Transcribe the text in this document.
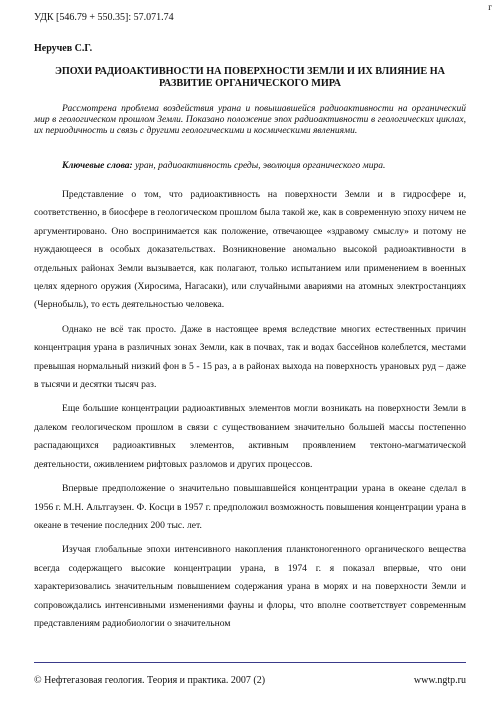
УДК [546.79 + 550.35]: 57.071.74
г
Неручев С.Г.
ЭПОХИ РАДИОАКТИВНОСТИ НА ПОВЕРХНОСТИ ЗЕМЛИ И ИХ ВЛИЯНИЕ НА РАЗВИТИЕ ОРГАНИЧЕСКОГО МИРА
Рассмотрена проблема воздействия урана и повышавшейся радиоактивности на органический мир в геологическом прошлом Земли. Показано положение эпох радиоактивности в геологических циклах, их периодичность и связь с другими геологическими и космическими явлениями.
Ключевые слова: уран, радиоактивность среды, эволюция органического мира.

Представление о том, что радиоактивность на поверхности Земли и в гидросфере и, соответственно, в биосфере в геологическом прошлом была такой же, как в современную эпоху ничем не аргументировано. Оно воспринимается как положение, отвечающее «здравому смыслу» и потому не нуждающееся в особых доказательствах. Возникновение аномально высокой радиоактивности в отдельных районах Земли вызывается, как полагают, только испытанием или применением в военных целях ядерного оружия (Хиросима, Нагасаки), или случайными авариями на атомных электростанциях (Чернобыль), то есть деятельностью человека.

Однако не всё так просто. Даже в настоящее время вследствие многих естественных причин концентрация урана в различных зонах Земли, как в почвах, так и водах бассейнов колеблется, местами превышая нормальный низкий фон в 5 - 15 раз, а в районах выхода на поверхность урановых руд – даже в тысячи и десятки тысяч раз.

Еще большие концентрации радиоактивных элементов могли возникать на поверхности Земли в далеком геологическом прошлом в связи с существованием значительно большей массы постепенно распадающихся радиоактивных элементов, активным проявлением тектоно-магматической деятельности, оживлением рифтовых разломов и других процессов.

Впервые предположение о значительно повышавшейся концентрации урана в океане сделал в 1956 г. М.Н. Альтгаузен. Ф. Косци в 1957 г. предположил возможность повышения концентрации урана в океане в течение последних 200 тыс. лет.

Изучая глобальные эпохи интенсивного накопления планктоногенного органического вещества всегда содержащего высокие концентрации урана, в 1974 г. я показал впервые, что они характеризовались значительным повышением содержания урана в морях и на поверхности Земли и сопровождались интенсивными изменениями фауны и флоры, что вполне соответствует современным представлениям радиобиологии о значительном

© Нефтегазовая геология. Теория и практика. 2007 (2)	www.ngtp.ru
